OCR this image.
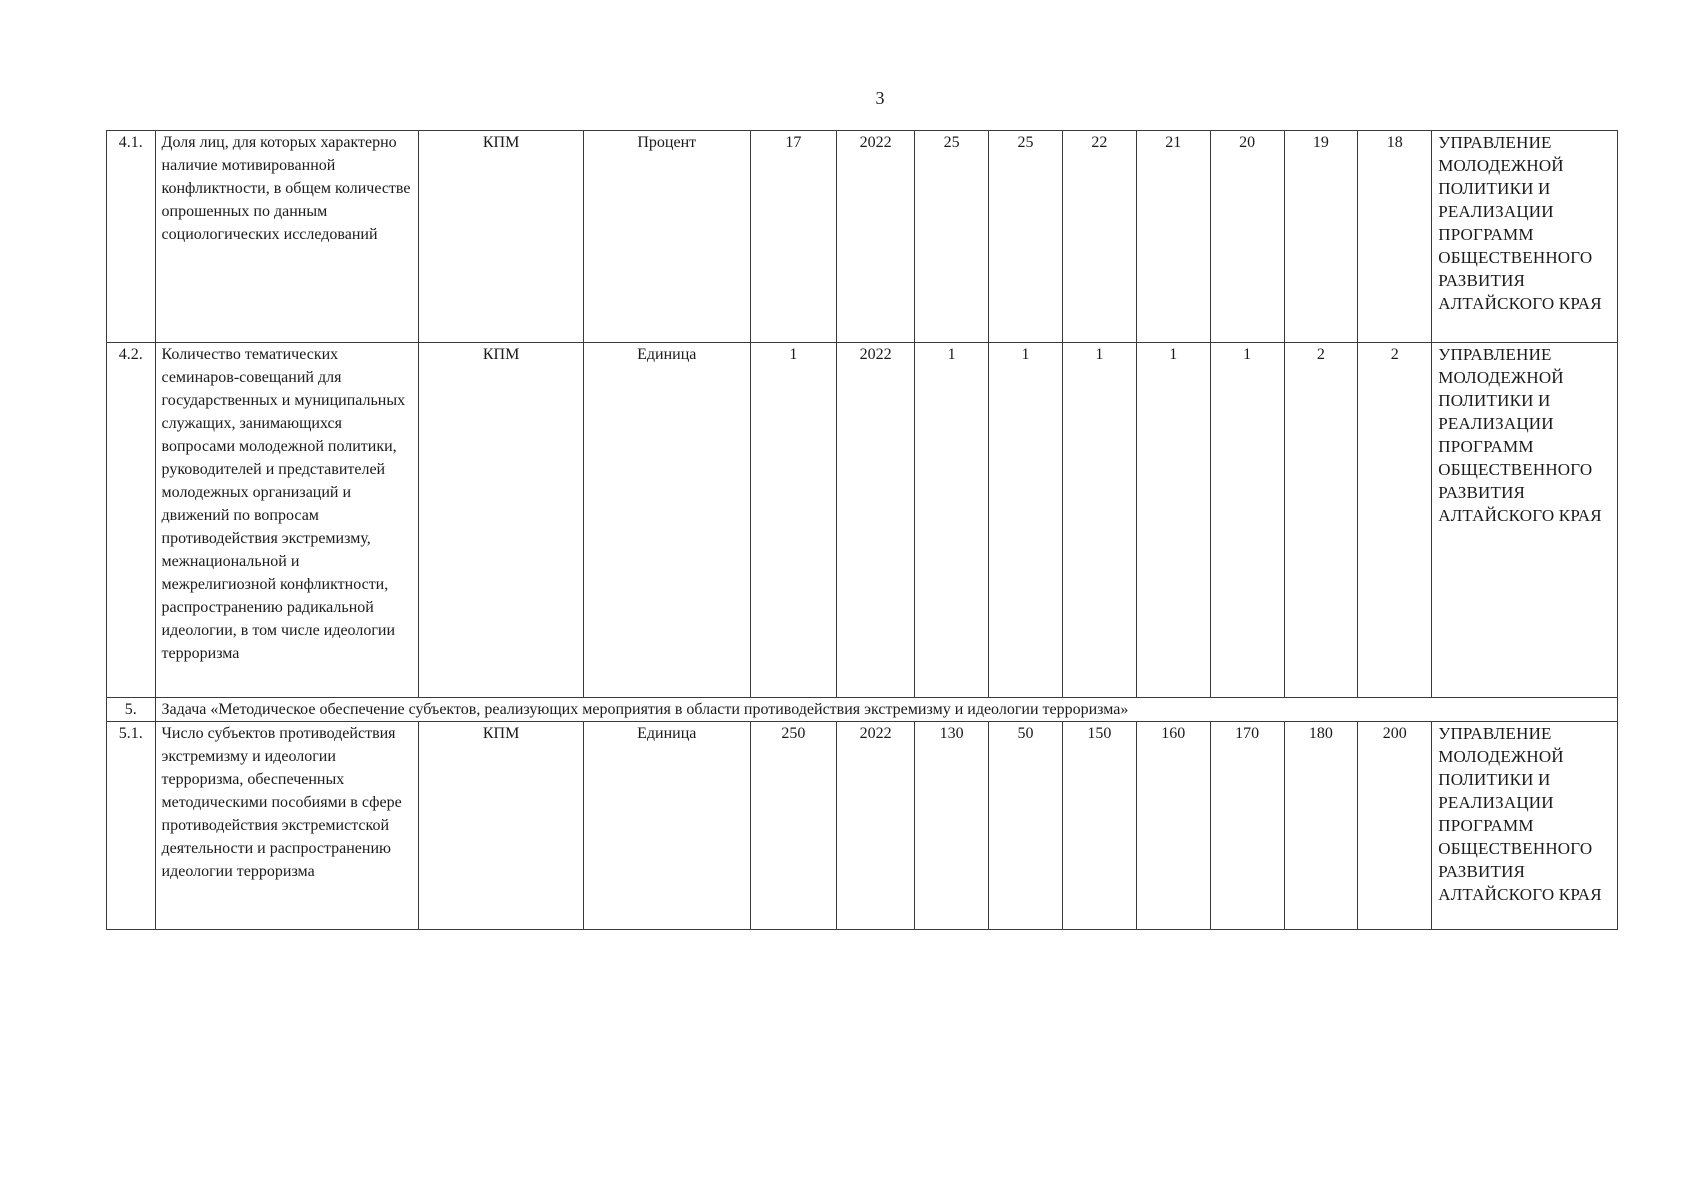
3
4.1.	Доля лиц, для которых характерно наличие мотивированной конфликтности, в общем количестве опрошенных по данным социологических исследований	КПМ	Процент	17	2022	25	25	22	21	20	19	18	УПРАВЛЕНИЕ МОЛОДЕЖНОЙ ПОЛИТИКИ И РЕАЛИЗАЦИИ ПРОГРАММ ОБЩЕСТВЕННОГО РАЗВИТИЯ АЛТАЙСКОГО КРАЯ
4.2.	Количество тематических семинаров-совещаний для государственных и муниципальных служащих, занимающихся вопросами молодежной политики, руководителей и представителей молодежных организаций и движений по вопросам противодействия экстремизму, межнациональной и межрелигиозной конфликтности, распространению радикальной идеологии, в том числе идеологии терроризма	КПМ	Единица	1	2022	1	1	1	1	1	2	2	УПРАВЛЕНИЕ МОЛОДЕЖНОЙ ПОЛИТИКИ И РЕАЛИЗАЦИИ ПРОГРАММ ОБЩЕСТВЕННОГО РАЗВИТИЯ АЛТАЙСКОГО КРАЯ
5.	Задача «Методическое обеспечение субъектов, реализующих мероприятия в области противодействия экстремизму и идеологии терроризма»												
5.1.	Число субъектов противодействия экстремизму и идеологии терроризма, обеспеченных методическими пособиями в сфере противодействия экстремистской деятельности и распространению идеологии терроризма	КПМ	Единица	250	2022	130	50	150	160	170	180	200	УПРАВЛЕНИЕ МОЛОДЕЖНОЙ ПОЛИТИКИ И РЕАЛИЗАЦИИ ПРОГРАММ ОБЩЕСТВЕННОГО РАЗВИТИЯ АЛТАЙСКОГО КРАЯ
